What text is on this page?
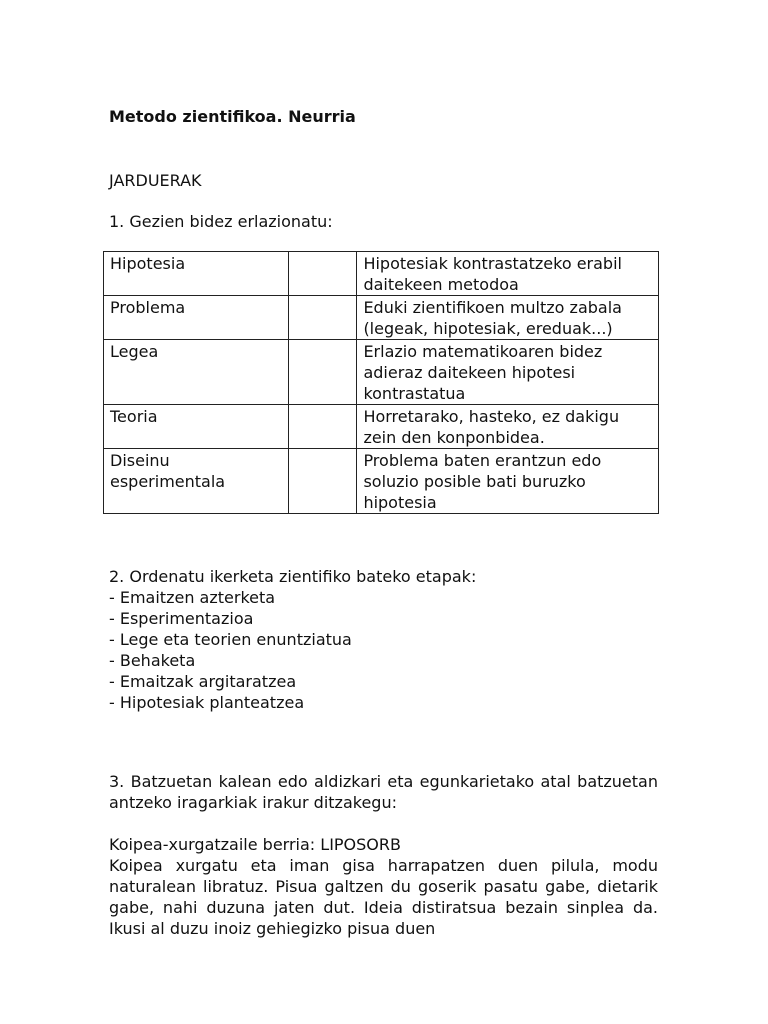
Metodo zientifikoa. Neurria
JARDUERAK
1. Gezien bidez erlazionatu:
Hipotesia		Hipotesiak kontrastatzeko erabil daitekeen metodoa
Problema		Eduki zientifikoen multzo zabala (legeak, hipotesiak, ereduak...)
Legea		Erlazio matematikoaren bidez adieraz daitekeen hipotesi kontrastatua
Teoria		Horretarako, hasteko, ez dakigu zein den konponbidea.
Diseinu esperimentala		Problema baten erantzun edo soluzio posible bati buruzko hipotesia
2. Ordenatu ikerketa zientifiko bateko etapak:
- Emaitzen azterketa
- Esperimentazioa
- Lege eta teorien enuntziatua
- Behaketa
- Emaitzak argitaratzea
- Hipotesiak planteatzea

3. Batzuetan kalean edo aldizkari eta egunkarietako atal batzuetan antzeko iragarkiak irakur ditzakegu:

Koipea-xurgatzaile berria: LIPOSORB

Koipea xurgatu eta iman gisa harrapatzen duen pilula, modu naturalean libratuz. Pisua galtzen du goserik pasatu gabe, dietarik gabe, nahi duzuna jaten dut. Ideia distiratsua bezain sinplea da. Ikusi al duzu inoiz gehiegizko pisua duen
